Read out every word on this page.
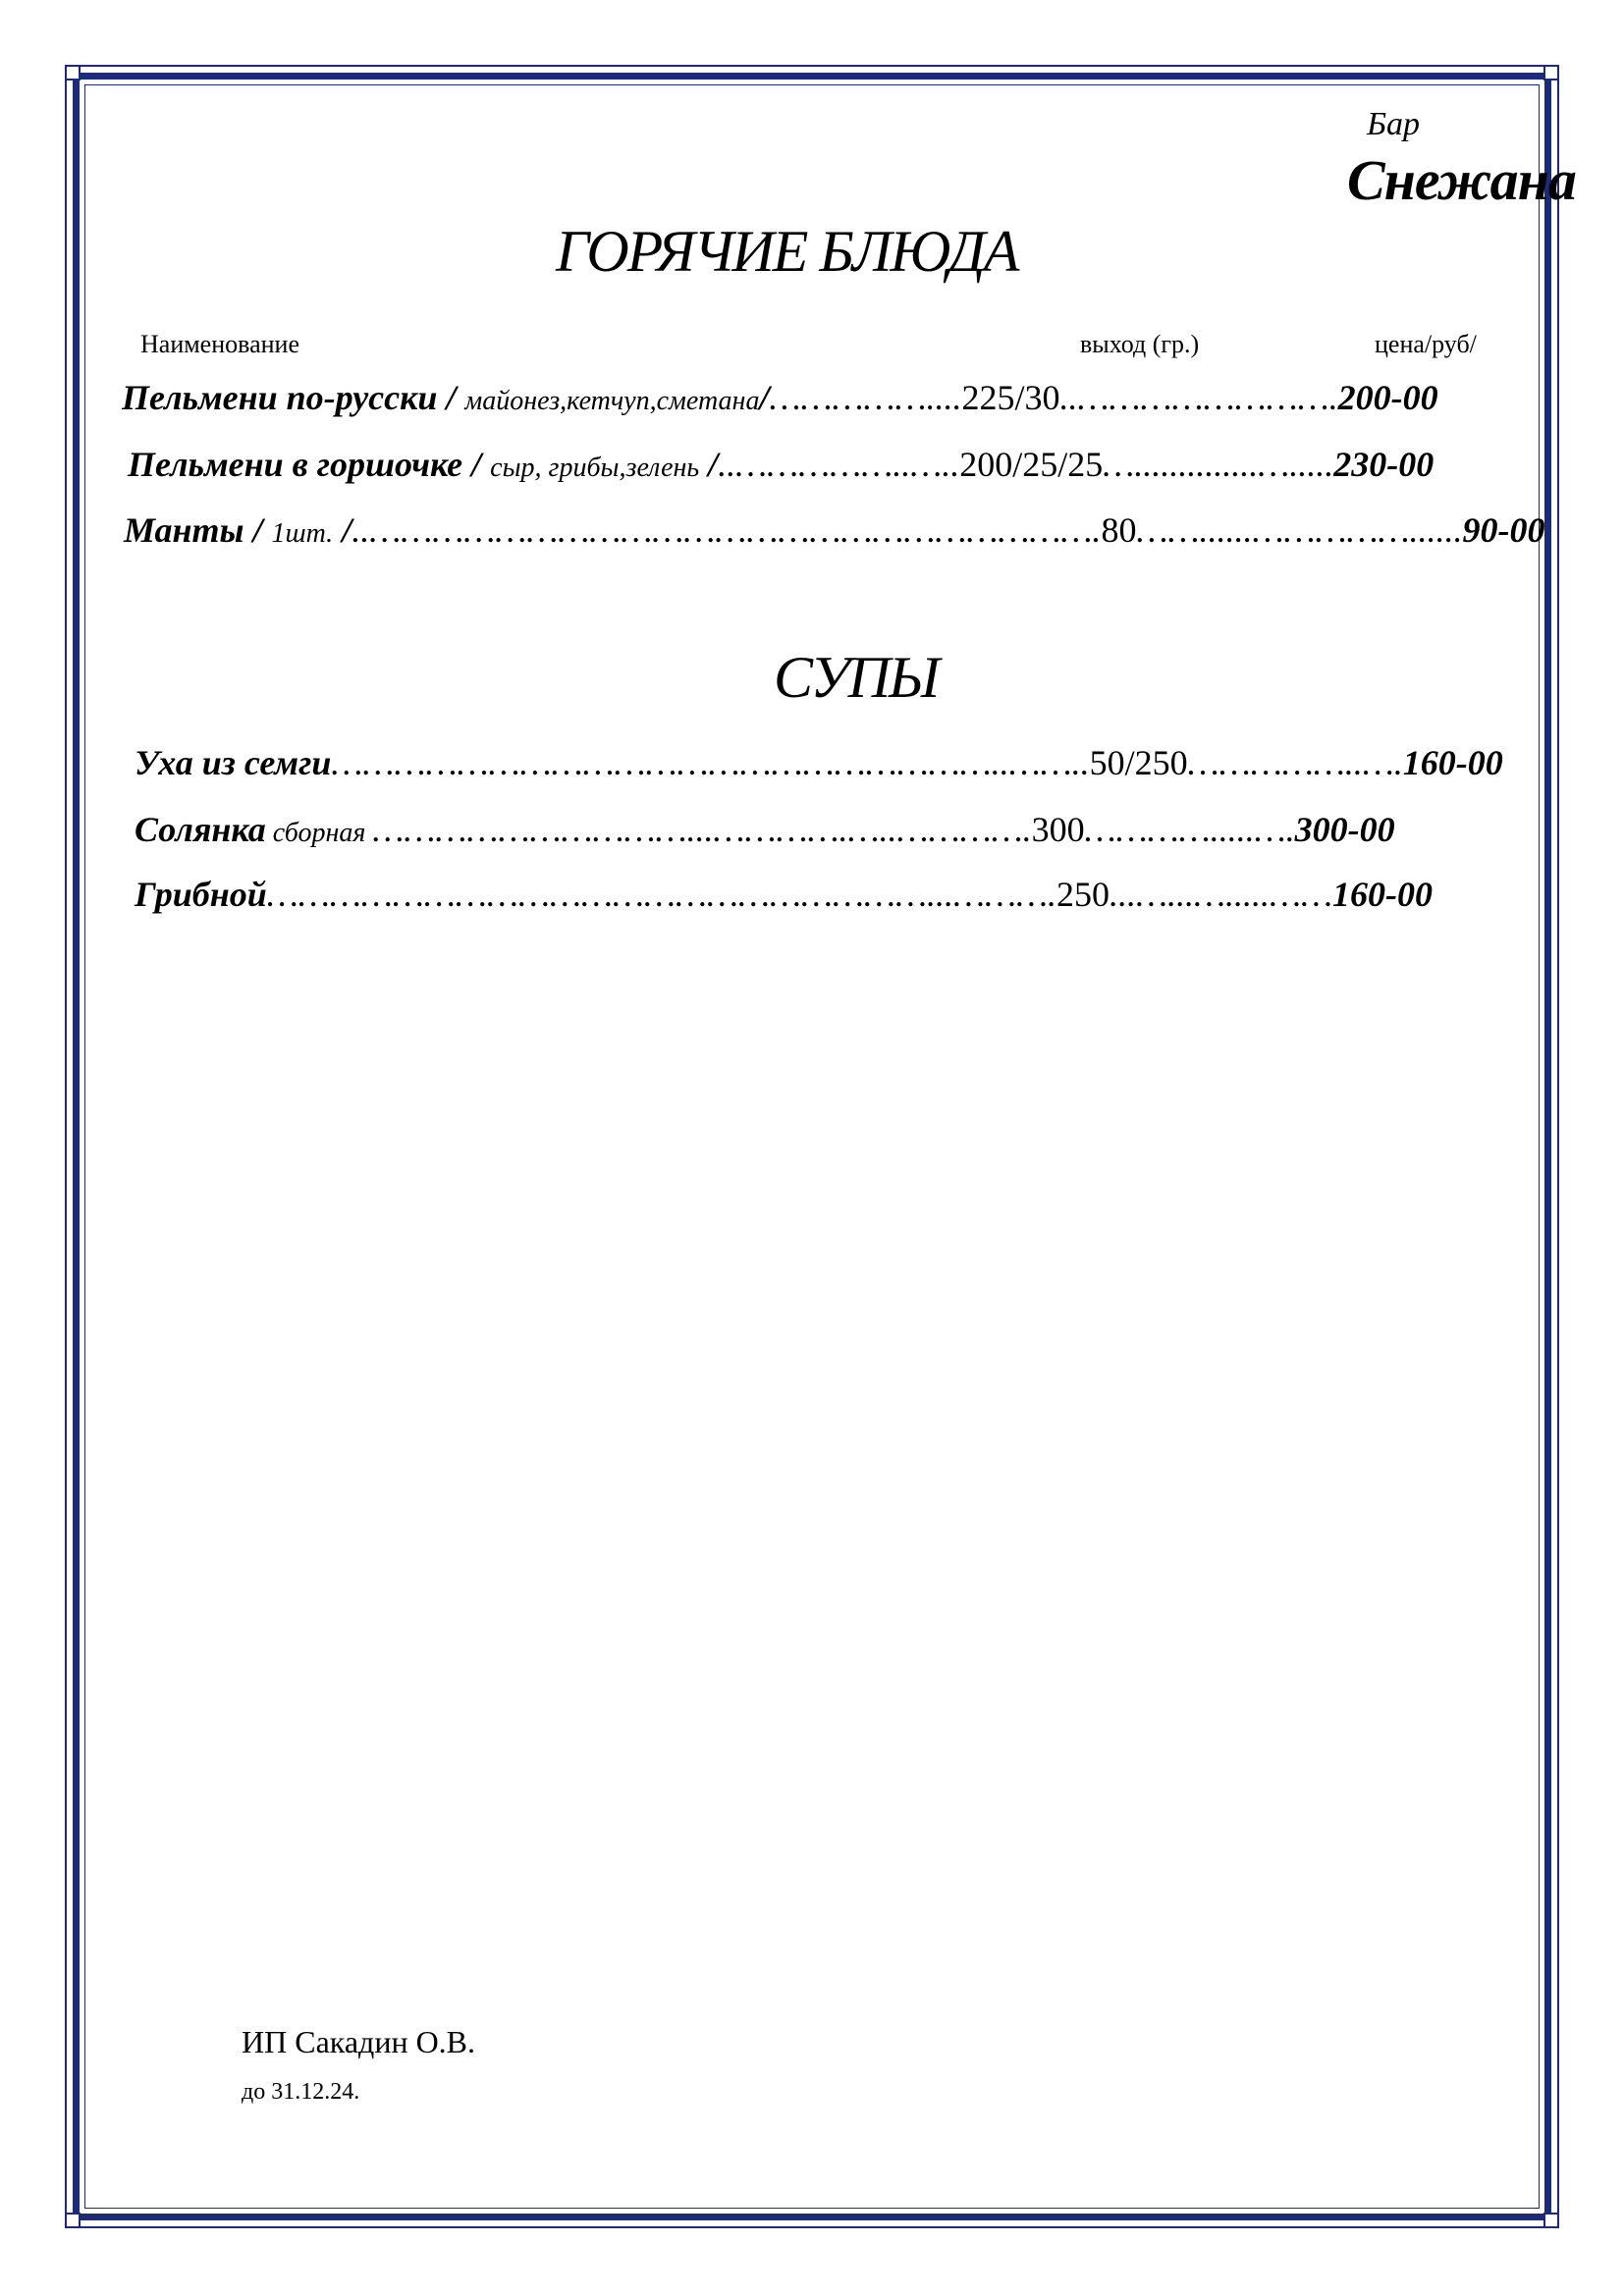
Бар
Снежана
ГОРЯЧИЕ БЛЮДА
Наименование	выход (гр.)	цена/руб/
Пельмени по-русски / майонез,кетчуп,сметана/……………....225/30..…………………….200-00
Пельмени в горшочке / сыр, грибы,зелень /..……………..…..200/25/25…..............….....230-00
Манты / 1шт. /..…………………………………………………………….80……......……………......90-00
СУПЫ
Уха из семги………………………………………………………..……..50/250……………..….160-00
Солянка сборная …………………………...………….…..………….300………….....….300-00
Грибной………………………………………………………...……….250...…...….....……160-00
ИП Сакадин О.В.
до 31.12.24.
